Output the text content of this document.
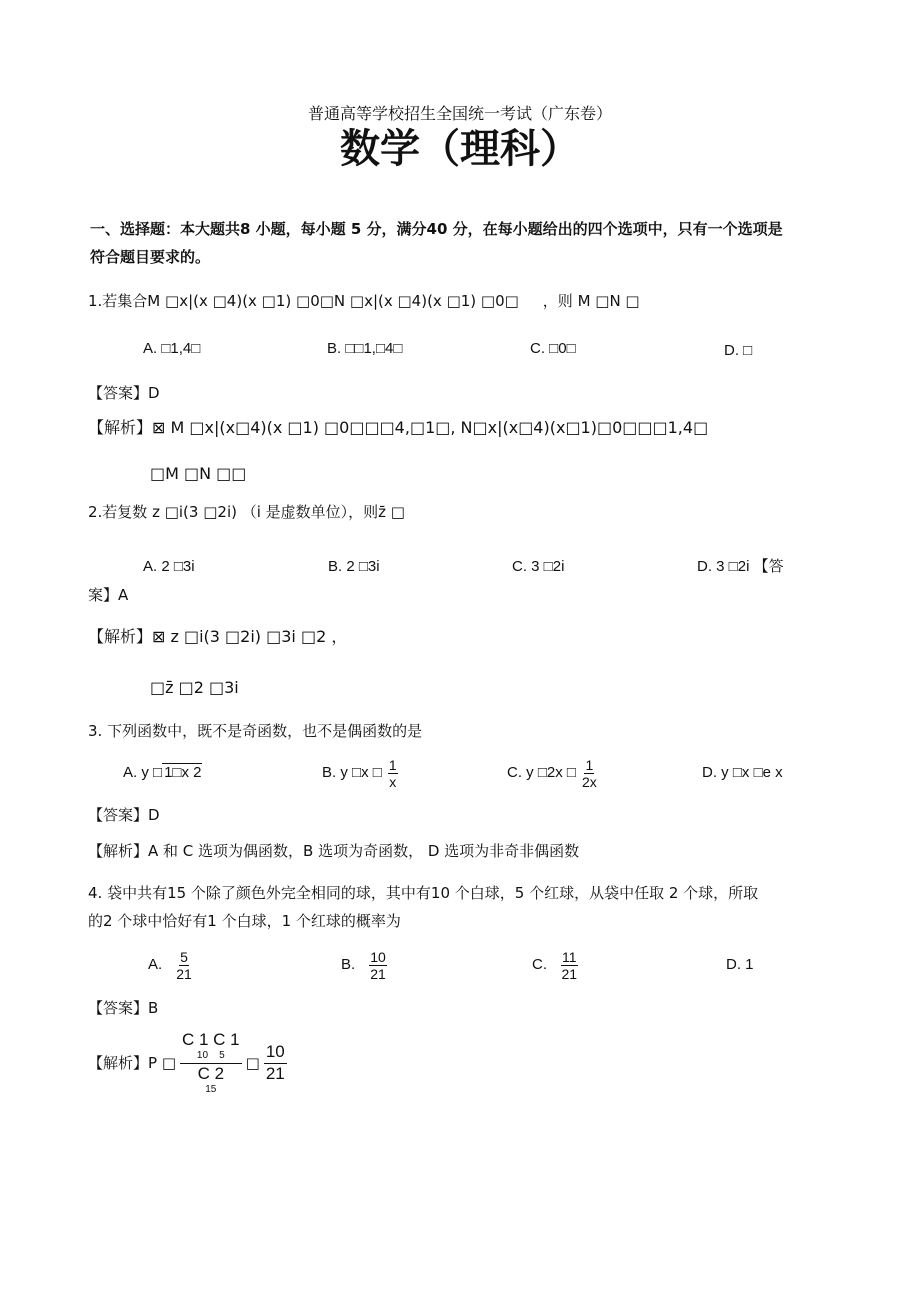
普通高等学校招生全国统一考试（广东卷）
数学（理科）
一、选择题：本大题共8 小题，每小题 5 分，满分40 分，在每小题给出的四个选项中，只有一个选项是
符合题目要求的。
1.若集合M □x|(x □4)(x □1) □0□N □x|(x □4)(x □1) □0□ ，则 M □N □
A. □1,4□	B. □□1,□4□	C. □0□	D. □
【答案】D
【解析】⊠ M □x|(x□4)(x □1) □0□□□4,□1□, N□x|(x□4)(x□1)□0□□□1,4□
□M □N □□
2.若复数 z □i(3 □2i) （i 是虚数单位），则z̄ □
A. 2 □3i	B. 2 □3i	C. 3 □2i	D. 3 □2i 【答
案】A
【解析】⊠ z □i(3 □2i) □3i □2 ，
□z̄ □2 □3i
3. 下列函数中，既不是奇函数，也不是偶函数的是
A. y □ 1□x 2	B. y □x □ $\frac{1}{x}$	C. y □2x □ $\frac{1}{2x}$	D. y □x □e x
【答案】D
【解析】A 和 C 选项为偶函数，B 选项为奇函数， D 选项为非奇非偶函数
4. 袋中共有15 个除了颜色外完全相同的球，其中有10 个白球，5 个红球，从袋中任取 2 个球，所取
的2 个球中恰好有1 个白球，1 个红球的概率为
A. $\frac{5}{21}$	B. $\frac{10}{21}$	C. $\frac{11}{21}$	D. 1
【答案】B
【解析】P □
C 1 C 1
10    5
C 2
15
□ $\frac{10}{21}$
